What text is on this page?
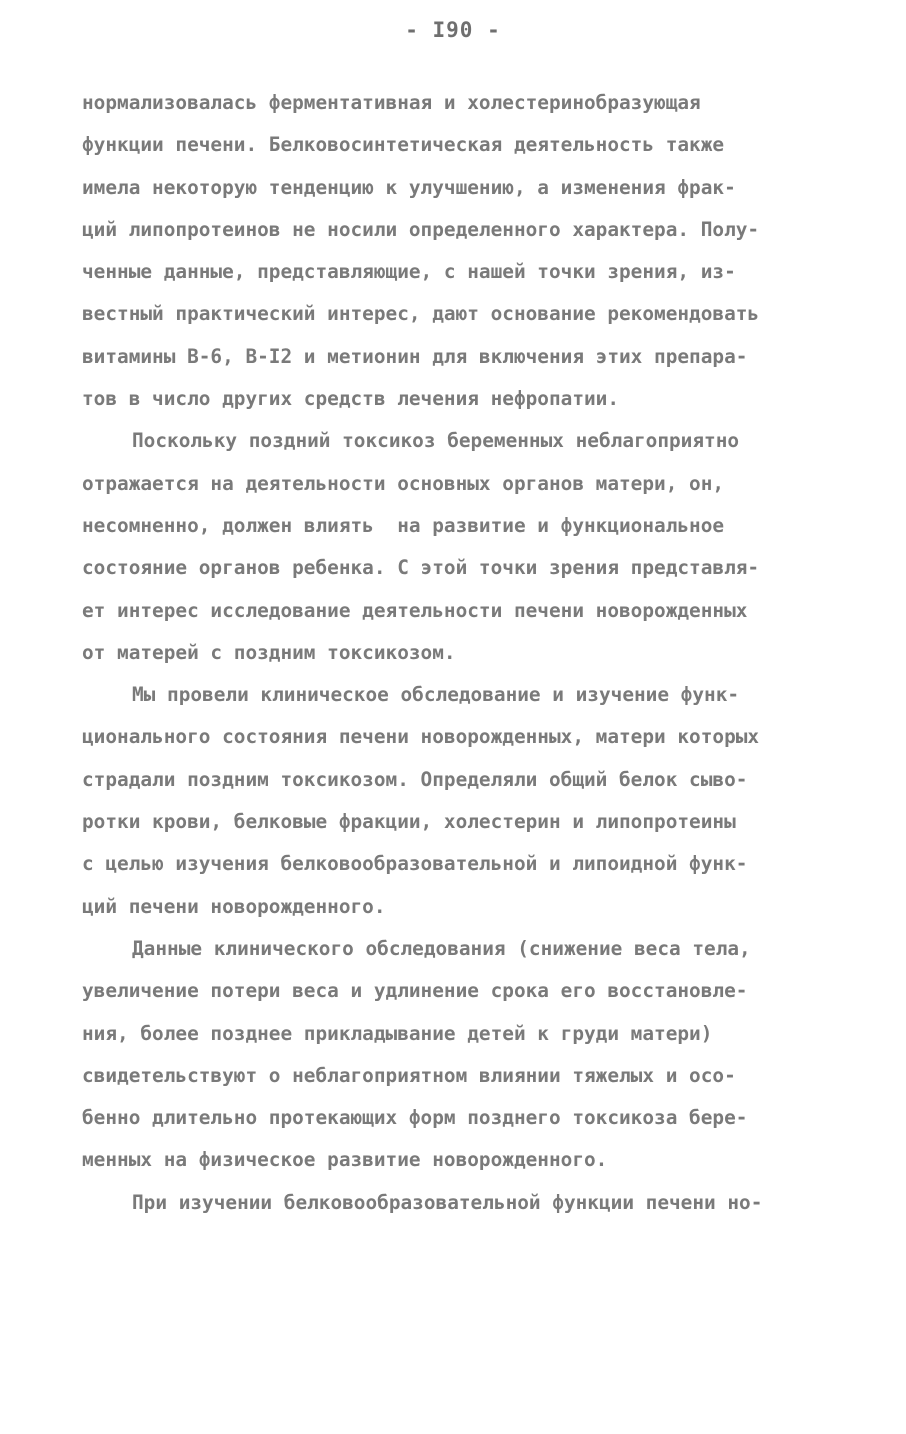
- I90 -
нормализовалась ферментативная и холестеринобразующая
функции печени. Белковосинтетическая деятельность также
имела некоторую тенденцию к улучшению, а изменения фрак-
ций липопротеинов не носили определенного характера. Полу-
ченные данные, представляющие, с нашей точки зрения, из-
вестный практический интерес, дают основание рекомендовать
витамины В-6, В-I2 и метионин для включения этих препара-
тов в число других средств лечения нефропатии.
Поскольку поздний токсикоз беременных неблагоприятно
отражается на деятельности основных органов матери, он,
несомненно, должен влиять  на развитие и функциональное
состояние органов ребенка. С этой точки зрения представля-
ет интерес исследование деятельности печени новорожденных
от матерей с поздним токсикозом.
Мы провели клиническое обследование и изучение функ-
ционального состояния печени новорожденных, матери которых
страдали поздним токсикозом. Определяли общий белок сыво-
ротки крови, белковые фракции, холестерин и липопротеины
с целью изучения белковообразовательной и липоидной функ-
ций печени новорожденного.
Данные клинического обследования (снижение веса тела,
увеличение потери веса и удлинение срока его восстановле-
ния, более позднее прикладывание детей к груди матери)
свидетельствуют о неблагоприятном влиянии тяжелых и осо-
бенно длительно протекающих форм позднего токсикоза бере-
менных на физическое развитие новорожденного.
При изучении белковообразовательной функции печени но-
